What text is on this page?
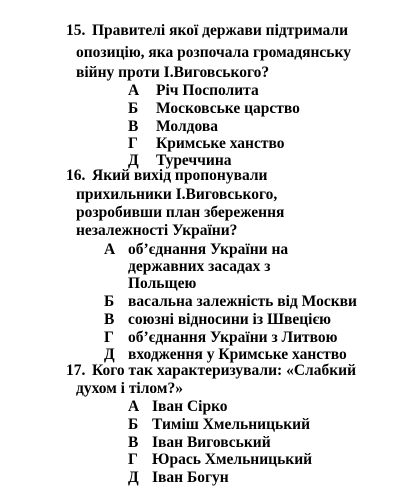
15. Правителі якої держави підтримали
опозицію, яка розпочала громадянську
війну проти І.Виговського?
А Річ Посполита
Б Московське царство
В Молдова
Г Кримське ханство
Д Туреччина
16. Який вихід пропонували
прихильники І.Виговського,
розробивши план збереження
незалежності України?
А об’єднання України на
державних засадах з
Польщею
Б васальна залежність від Москви
В союзні відносини із Швецією
Г об’єднання України з Литвою
Д входження у Кримське ханство
17. Кого так характеризували: «Слабкий
духом і тілом?»
А Іван Сірко
Б Тиміш Хмельницький
В Іван Виговський
Г Юрась Хмельницький
Д Іван Богун
